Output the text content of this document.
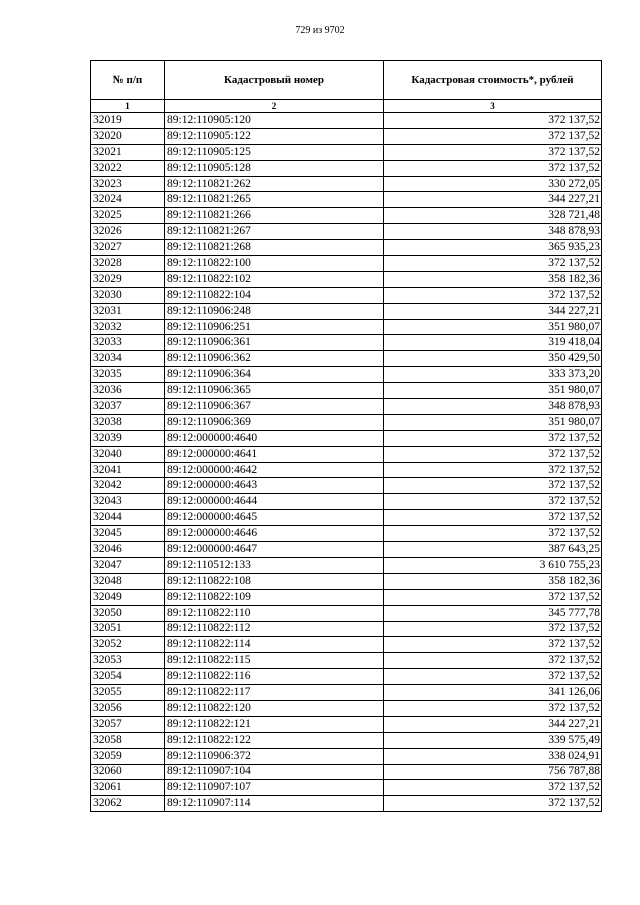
729 из 9702
№ п/п	Кадастровый номер	Кадастровая стоимость*, рублей
1	2	3
32019	89:12:110905:120	372 137,52
32020	89:12:110905:122	372 137,52
32021	89:12:110905:125	372 137,52
32022	89:12:110905:128	372 137,52
32023	89:12:110821:262	330 272,05
32024	89:12:110821:265	344 227,21
32025	89:12:110821:266	328 721,48
32026	89:12:110821:267	348 878,93
32027	89:12:110821:268	365 935,23
32028	89:12:110822:100	372 137,52
32029	89:12:110822:102	358 182,36
32030	89:12:110822:104	372 137,52
32031	89:12:110906:248	344 227,21
32032	89:12:110906:251	351 980,07
32033	89:12:110906:361	319 418,04
32034	89:12:110906:362	350 429,50
32035	89:12:110906:364	333 373,20
32036	89:12:110906:365	351 980,07
32037	89:12:110906:367	348 878,93
32038	89:12:110906:369	351 980,07
32039	89:12:000000:4640	372 137,52
32040	89:12:000000:4641	372 137,52
32041	89:12:000000:4642	372 137,52
32042	89:12:000000:4643	372 137,52
32043	89:12:000000:4644	372 137,52
32044	89:12:000000:4645	372 137,52
32045	89:12:000000:4646	372 137,52
32046	89:12:000000:4647	387 643,25
32047	89:12:110512:133	3 610 755,23
32048	89:12:110822:108	358 182,36
32049	89:12:110822:109	372 137,52
32050	89:12:110822:110	345 777,78
32051	89:12:110822:112	372 137,52
32052	89:12:110822:114	372 137,52
32053	89:12:110822:115	372 137,52
32054	89:12:110822:116	372 137,52
32055	89:12:110822:117	341 126,06
32056	89:12:110822:120	372 137,52
32057	89:12:110822:121	344 227,21
32058	89:12:110822:122	339 575,49
32059	89:12:110906:372	338 024,91
32060	89:12:110907:104	756 787,88
32061	89:12:110907:107	372 137,52
32062	89:12:110907:114	372 137,52
